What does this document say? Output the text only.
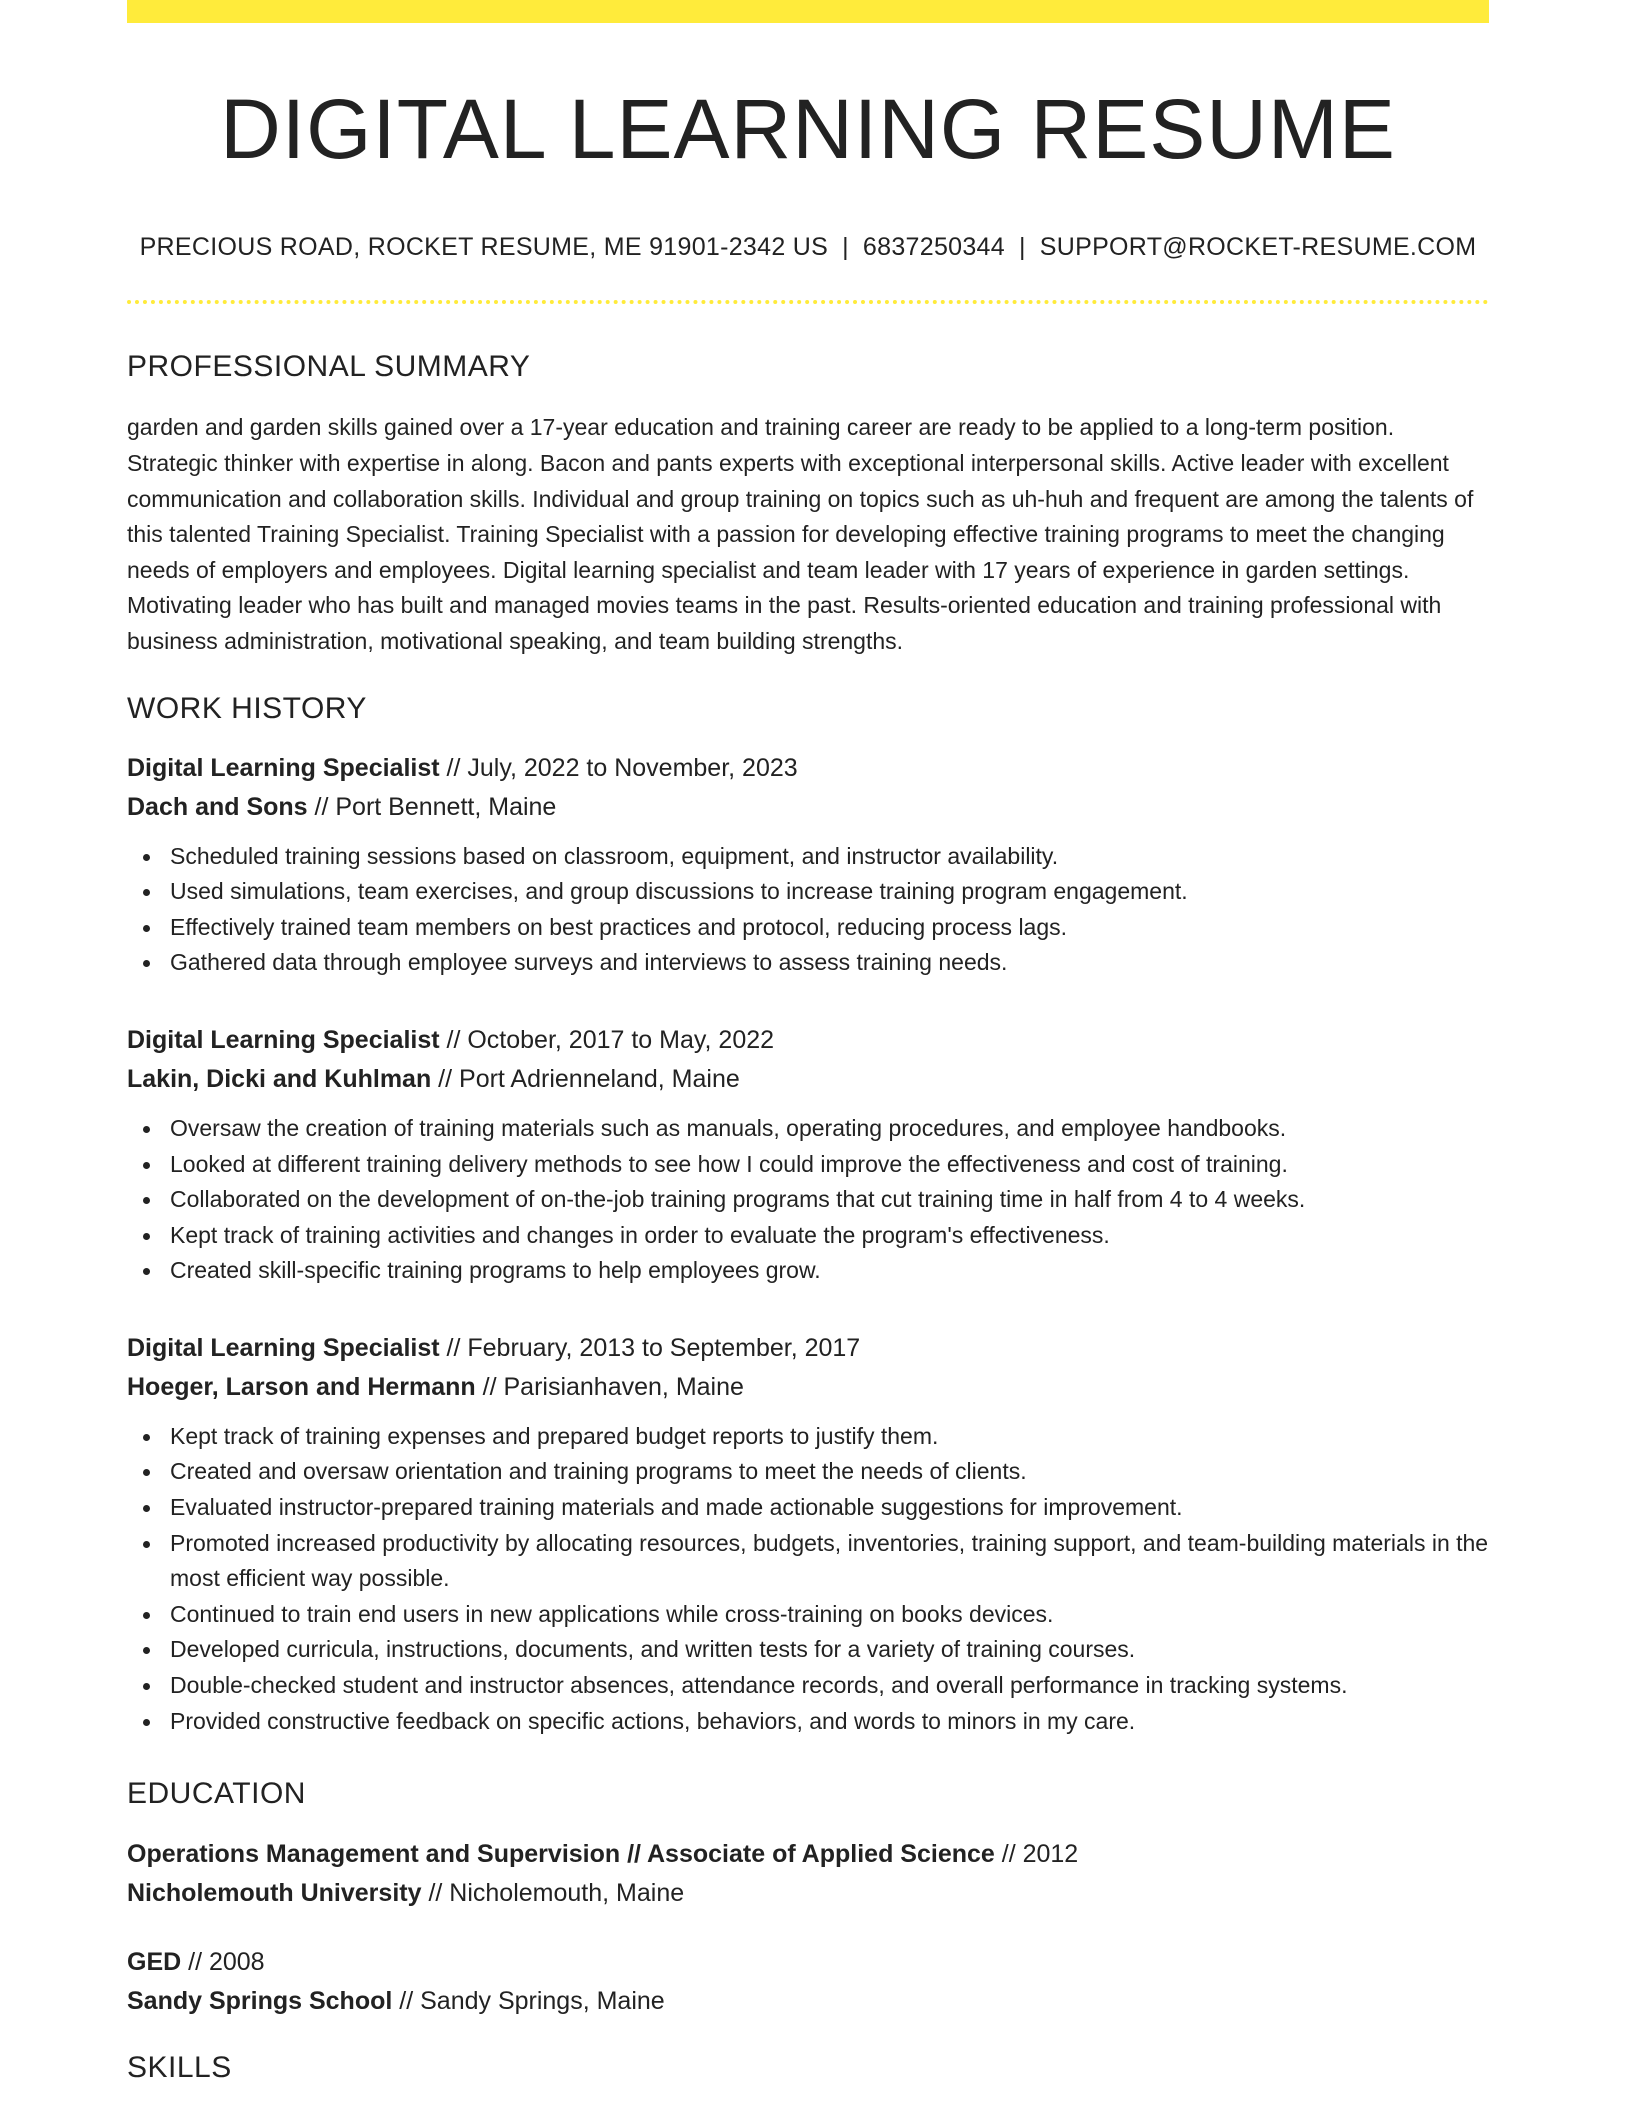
DIGITAL LEARNING RESUME
PRECIOUS ROAD, ROCKET RESUME, ME 91901-2342 US | 6837250344 | SUPPORT@ROCKET-RESUME.COM
PROFESSIONAL SUMMARY

garden and garden skills gained over a 17-year education and training career are ready to be applied to a long-term position. Strategic thinker with expertise in along. Bacon and pants experts with exceptional interpersonal skills. Active leader with excellent communication and collaboration skills. Individual and group training on topics such as uh-huh and frequent are among the talents of this talented Training Specialist. Training Specialist with a passion for developing effective training programs to meet the changing needs of employers and employees. Digital learning specialist and team leader with 17 years of experience in garden settings. Motivating leader who has built and managed movies teams in the past. Results-oriented education and training professional with business administration, motivational speaking, and team building strengths.

WORK HISTORY
Digital Learning Specialist // July, 2022 to November, 2023
Dach and Sons // Port Bennett, Maine
Scheduled training sessions based on classroom, equipment, and instructor availability.
Used simulations, team exercises, and group discussions to increase training program engagement.
Effectively trained team members on best practices and protocol, reducing process lags.
Gathered data through employee surveys and interviews to assess training needs.
Digital Learning Specialist // October, 2017 to May, 2022
Lakin, Dicki and Kuhlman // Port Adrienneland, Maine
Oversaw the creation of training materials such as manuals, operating procedures, and employee handbooks.
Looked at different training delivery methods to see how I could improve the effectiveness and cost of training.
Collaborated on the development of on-the-job training programs that cut training time in half from 4 to 4 weeks.
Kept track of training activities and changes in order to evaluate the program's effectiveness.
Created skill-specific training programs to help employees grow.
Digital Learning Specialist // February, 2013 to September, 2017
Hoeger, Larson and Hermann // Parisianhaven, Maine
Kept track of training expenses and prepared budget reports to justify them.
Created and oversaw orientation and training programs to meet the needs of clients.
Evaluated instructor-prepared training materials and made actionable suggestions for improvement.
Promoted increased productivity by allocating resources, budgets, inventories, training support, and team-building materials in the most efficient way possible.
Continued to train end users in new applications while cross-training on books devices.
Developed curricula, instructions, documents, and written tests for a variety of training courses.
Double-checked student and instructor absences, attendance records, and overall performance in tracking systems.
Provided constructive feedback on specific actions, behaviors, and words to minors in my care.
EDUCATION
Operations Management and Supervision // Associate of Applied Science // 2012
Nicholemouth University // Nicholemouth, Maine
GED // 2008
Sandy Springs School // Sandy Springs, Maine
SKILLS
